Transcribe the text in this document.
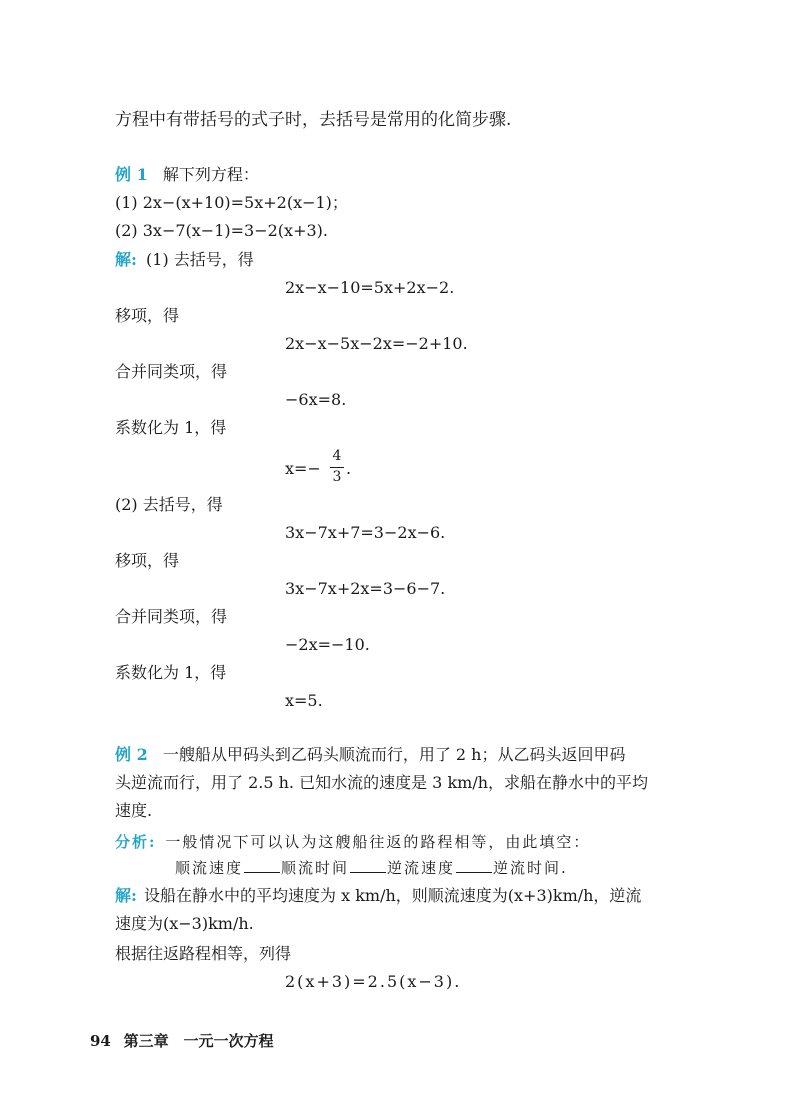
方程中有带括号的式子时，去括号是常用的化简步骤.
例 1 解下列方程：
(1) 2x−(x+10)=5x+2(x−1)；
(2) 3x−7(x−1)=3−2(x+3).
解: (1) 去括号，得
2x−x−10=5x+2x−2.
移项，得
2x−x−5x−2x=−2+10.
合并同类项，得
−6x=8.
系数化为 1，得
x=−
4
3 .
(2) 去括号，得
3x−7x+7=3−2x−6.
移项，得
3x−7x+2x=3−6−7.
合并同类项，得
−2x=−10.
系数化为 1，得
x=5.
例 2 一艘船从甲码头到乙码头顺流而行，用了 2 h；从乙码头返回甲码
头逆流而行，用了 2.5 h. 已知水流的速度是 3 km/h，求船在静水中的平均
速度.
分析: 一般情况下可以认为这艘船往返的路程相等，由此填空：
顺流速度	顺流时间	逆流速度	逆流时间.
解: 设船在静水中的平均速度为 x km/h，则顺流速度为(x+3)km/h，逆流
速度为(x−3)km/h.
根据往返路程相等，列得
2(x+3)=2.5(x−3).
94 第三章 一元一次方程
